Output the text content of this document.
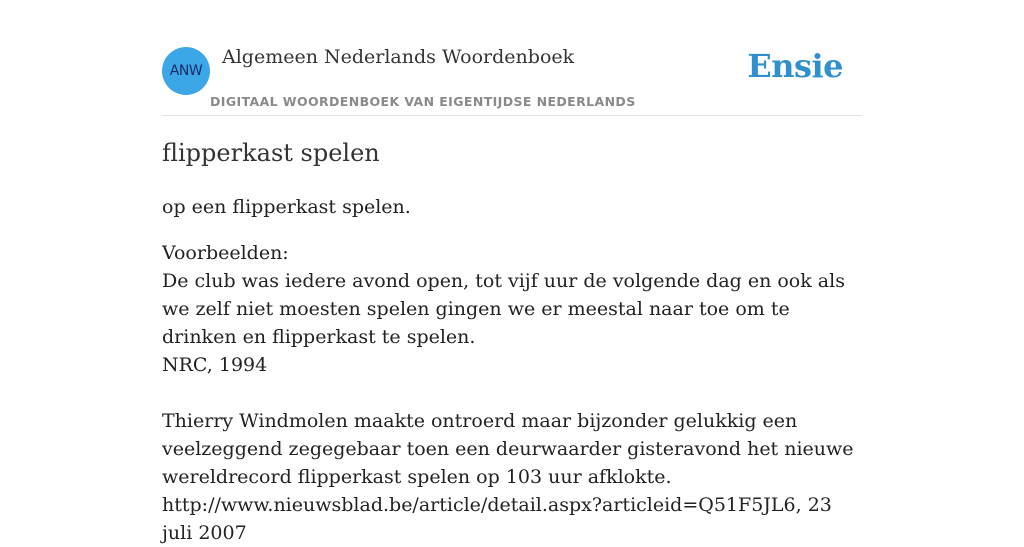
ANW
Algemeen Nederlands Woordenboek
DIGITAAL WOORDENBOEK VAN EIGENTIJDSE NEDERLANDS
Ensie
flipperkast spelen

op een flipperkast spelen.

Voorbeelden:
De club was iedere avond open, tot vijf uur de volgende dag en ook als we zelf niet moesten spelen gingen we er meestal naar toe om te drinken en flipperkast te spelen.
NRC, 1994
Thierry Windmolen maakte ontroerd maar bijzonder gelukkig een veelzeggend zegegebaar toen een deurwaarder gisteravond het nieuwe wereldrecord flipperkast spelen op 103 uur afklokte.
http://www.nieuwsblad.be/article/detail.aspx?articleid=Q51F5JL6, 23 juli 2007
